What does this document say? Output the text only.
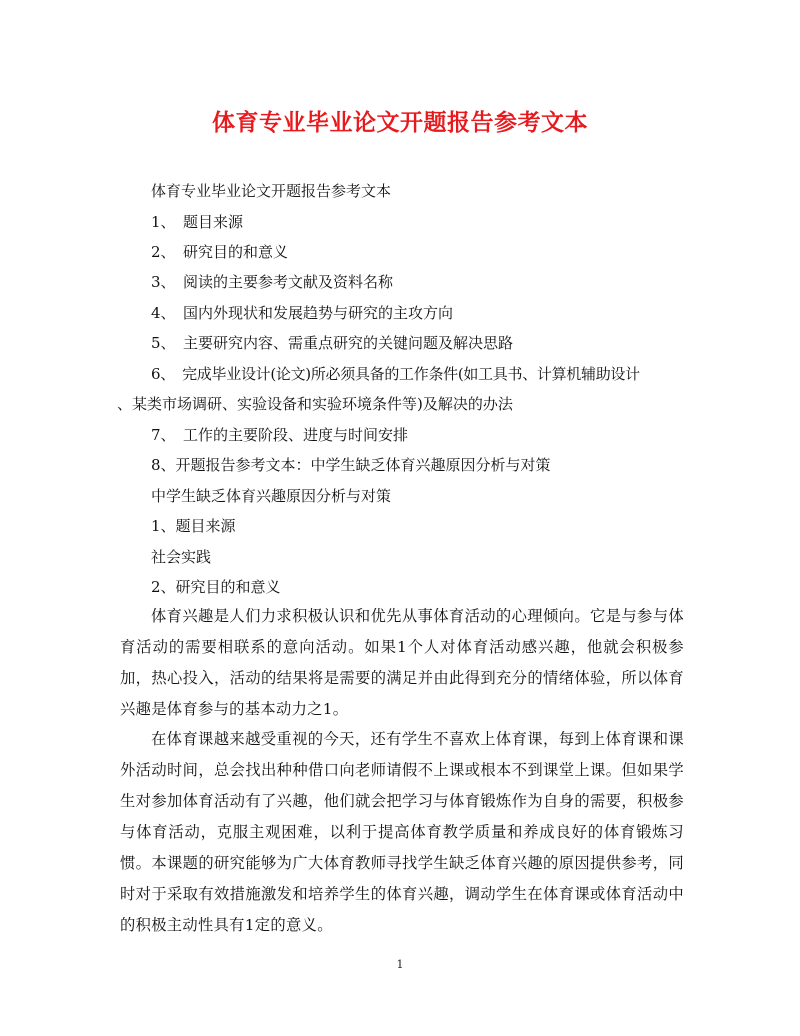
体育专业毕业论文开题报告参考文本
体育专业毕业论文开题报告参考文本
1、　题目来源
2、　研究目的和意义
3、　阅读的主要参考文献及资料名称
4、　国内外现状和发展趋势与研究的主攻方向
5、　主要研究内容、需重点研究的关键问题及解决思路
6、　完成毕业设计(论文)所必须具备的工作条件(如工具书、计算机辅助设计
、某类市场调研、实验设备和实验环境条件等)及解决的办法
7、　工作的主要阶段、进度与时间安排
8、开题报告参考文本：中学生缺乏体育兴趣原因分析与对策
中学生缺乏体育兴趣原因分析与对策
1、题目来源
社会实践
2、研究目的和意义
体育兴趣是人们力求积极认识和优先从事体育活动的心理倾向。它是与参与体育活动的需要相联系的意向活动。如果1个人对体育活动感兴趣，他就会积极参加，热心投入，活动的结果将是需要的满足并由此得到充分的情绪体验，所以体育兴趣是体育参与的基本动力之1。
在体育课越来越受重视的今天，还有学生不喜欢上体育课，每到上体育课和课外活动时间，总会找出种种借口向老师请假不上课或根本不到课堂上课。但如果学生对参加体育活动有了兴趣，他们就会把学习与体育锻炼作为自身的需要，积极参与体育活动，克服主观困难，以利于提高体育教学质量和养成良好的体育锻炼习惯。本课题的研究能够为广大体育教师寻找学生缺乏体育兴趣的原因提供参考，同时对于采取有效措施激发和培养学生的体育兴趣，调动学生在体育课或体育活动中的积极主动性具有1定的意义。
1
